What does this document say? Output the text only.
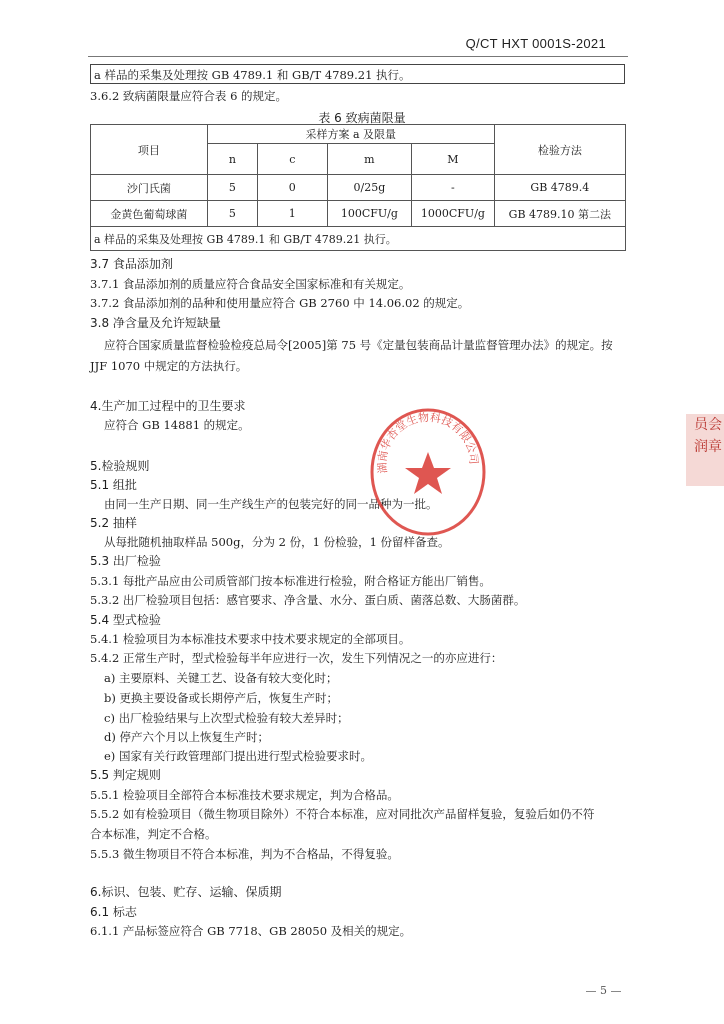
Q/CT HXT 0001S-2021
a 样品的采集及处理按 GB 4789.1 和 GB/T 4789.21 执行。
3.6.2 致病菌限量应符合表 6 的规定。
表 6 致病菌限量
项目	采样方案 a 及限量				检验方法
	n	c	m	M	
沙门氏菌	5	0	0/25g	-	GB 4789.4
金黄色葡萄球菌	5	1	100CFU/g	1000CFU/g	GB 4789.10 第二法
a 样品的采集及处理按 GB 4789.1 和 GB/T 4789.21 执行。					
3.7 食品添加剂
3.7.1 食品添加剂的质量应符合食品安全国家标准和有关规定。
3.7.2 食品添加剂的品种和使用量应符合 GB 2760 中 14.06.02 的规定。
3.8 净含量及允许短缺量
应符合国家质量监督检验检疫总局令[2005]第 75 号《定量包装商品计量监督管理办法》的规定。按
JJF 1070 中规定的方法执行。
4.生产加工过程中的卫生要求
应符合 GB 14881 的规定。
5.检验规则
5.1 组批
由同一生产日期、同一生产线生产的包装完好的同一品种为一批。
5.2 抽样
从每批随机抽取样品 500g，分为 2 份，1 份检验，1 份留样备查。
5.3 出厂检验
5.3.1 每批产品应由公司质管部门按本标准进行检验，附合格证方能出厂销售。
5.3.2 出厂检验项目包括：感官要求、净含量、水分、蛋白质、菌落总数、大肠菌群。
5.4 型式检验
5.4.1 检验项目为本标准技术要求中技术要求规定的全部项目。
5.4.2 正常生产时，型式检验每半年应进行一次，发生下列情况之一的亦应进行：
a) 主要原料、关键工艺、设备有较大变化时；
b) 更换主要设备或长期停产后，恢复生产时；
c) 出厂检验结果与上次型式检验有较大差异时；
d) 停产六个月以上恢复生产时；
e) 国家有关行政管理部门提出进行型式检验要求时。
5.5 判定规则
5.5.1 检验项目全部符合本标准技术要求规定，判为合格品。
5.5.2 如有检验项目（微生物项目除外）不符合本标准，应对同批次产品留样复验，复验后如仍不符
合本标准，判定不合格。
5.5.3 微生物项目不符合本标准，判为不合格品，不得复验。
6.标识、包装、贮存、运输、保质期
6.1 标志
6.1.1 产品标签应符合 GB 7718、GB 28050 及相关的规定。
湖南华杏堂生物科技有限公司
员会
润章
5
